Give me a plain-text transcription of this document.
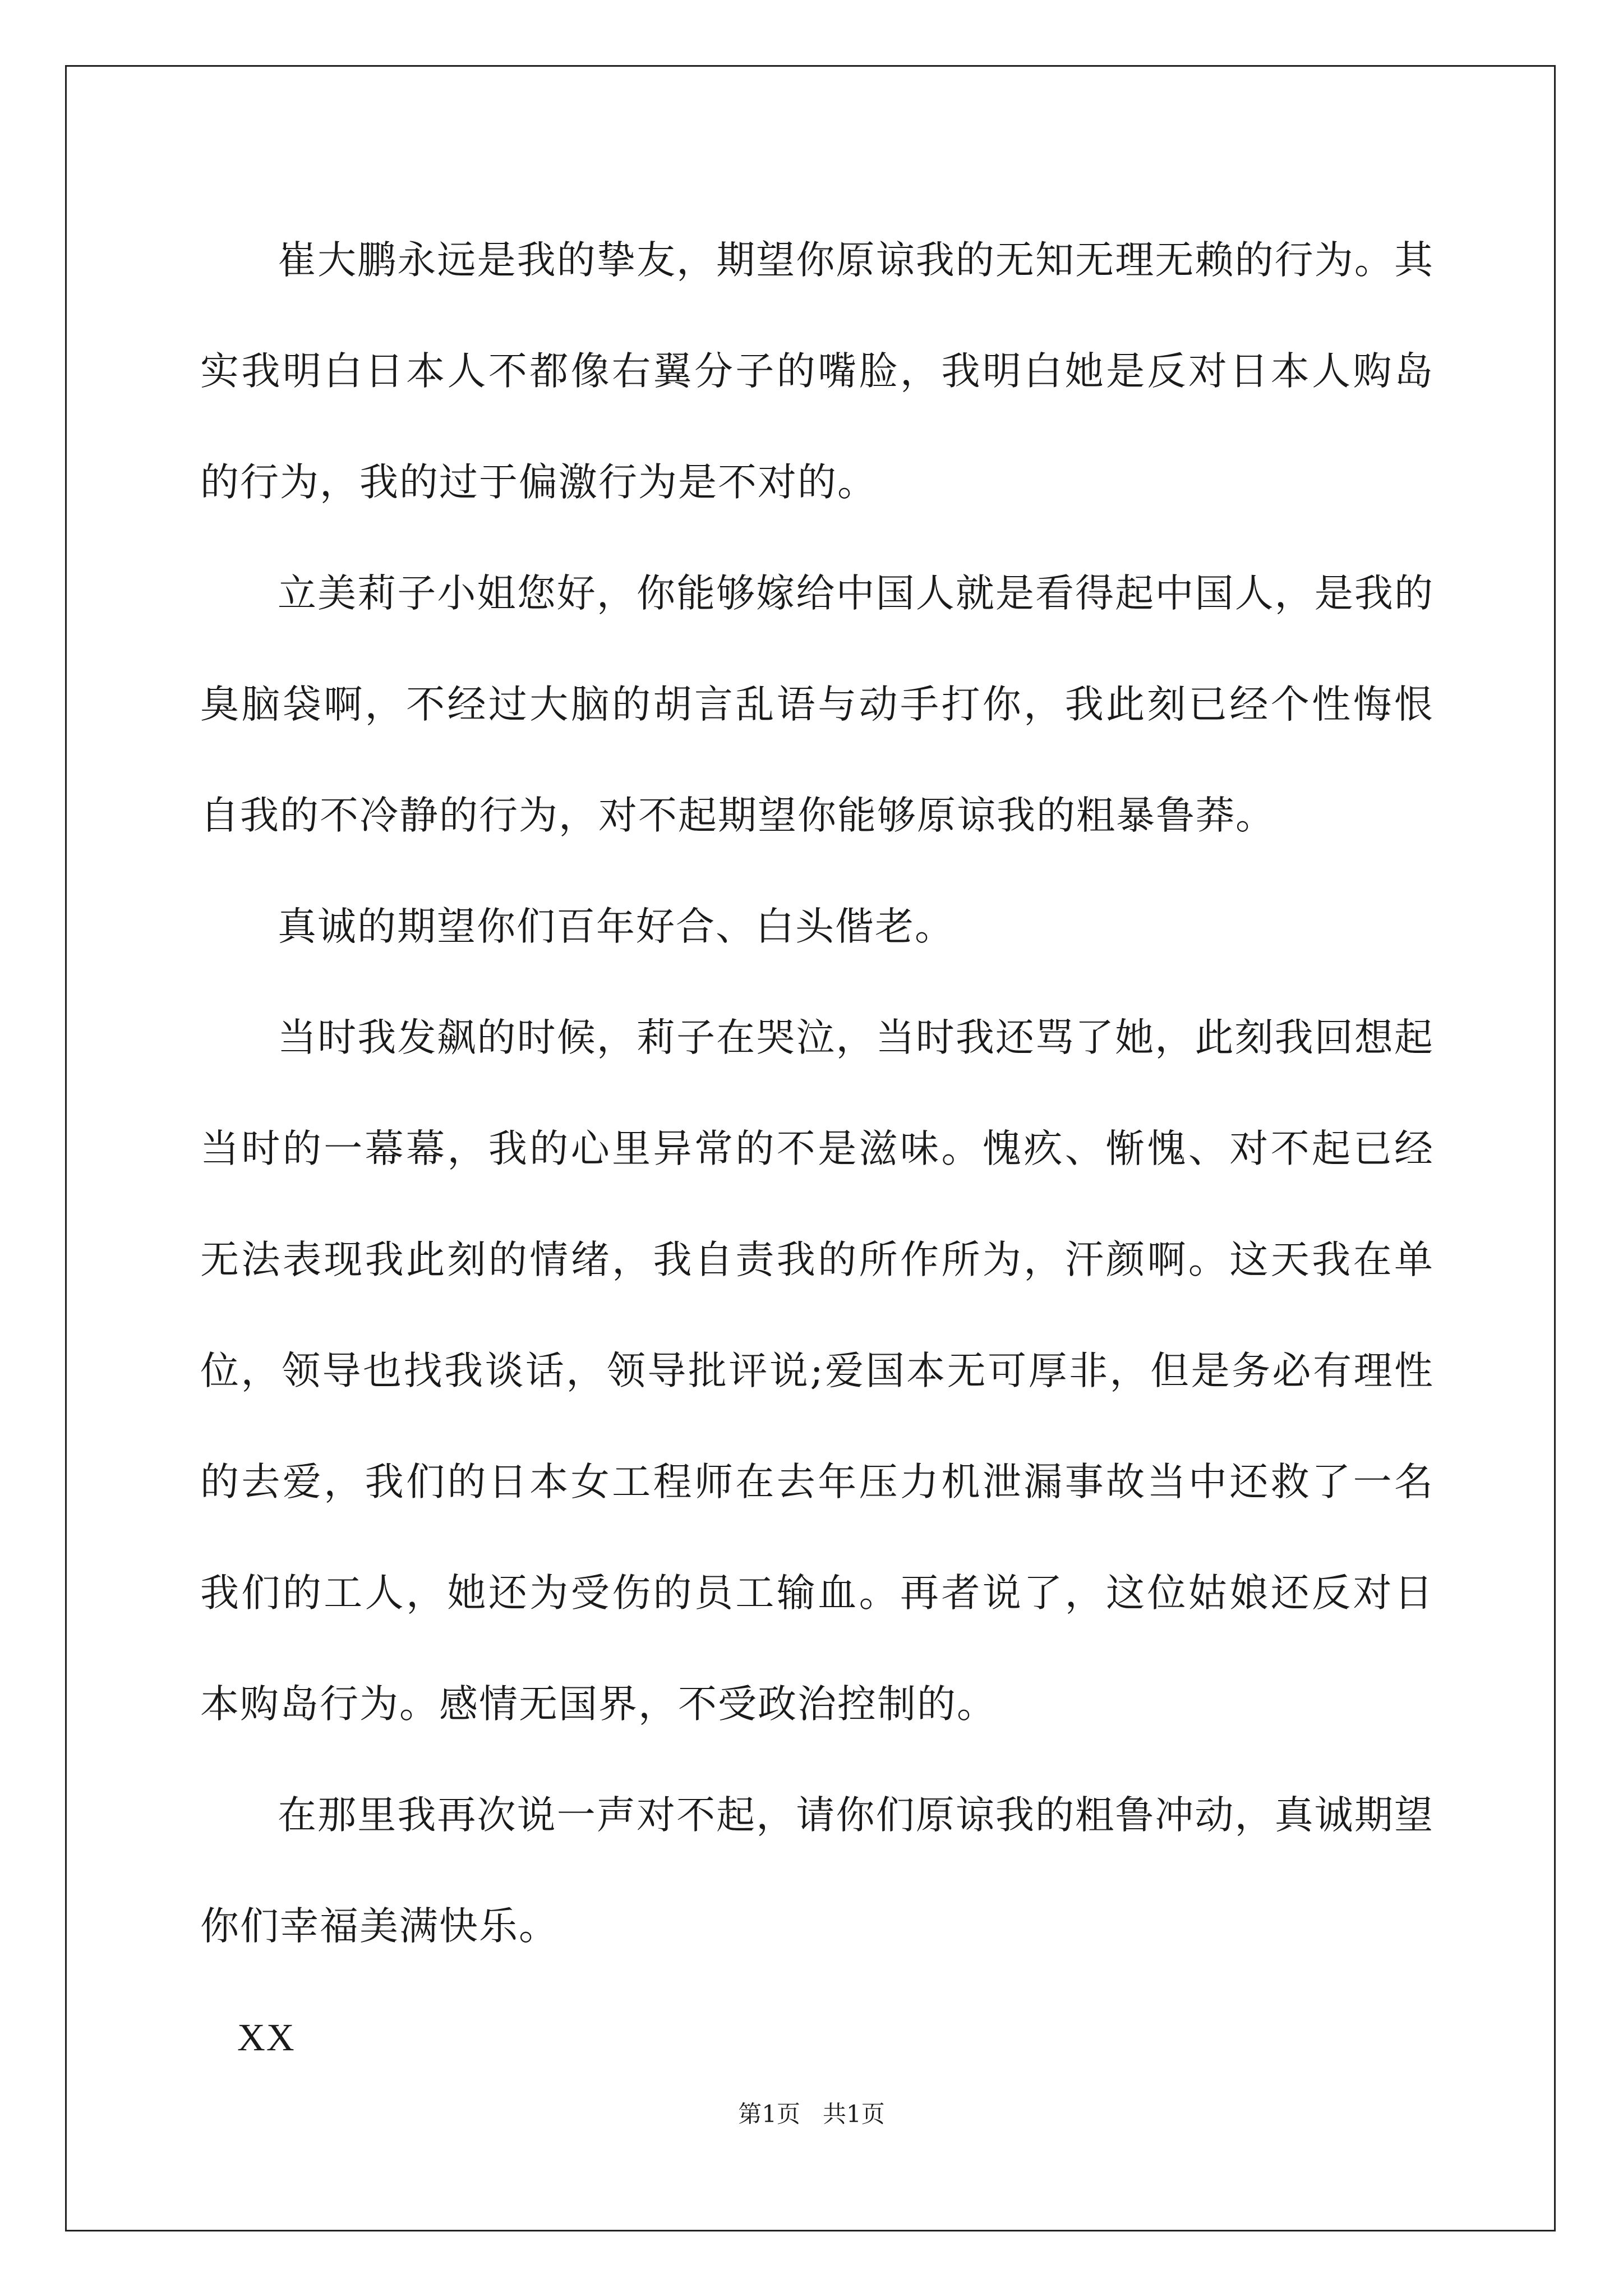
崔大鹏永远是我的挚友，期望你原谅我的无知无理无赖的行为。其实我明白日本人不都像右翼分子的嘴脸，我明白她是反对日本人购岛的行为，我的过于偏激行为是不对的。

立美莉子小姐您好，你能够嫁给中国人就是看得起中国人，是我的臭脑袋啊，不经过大脑的胡言乱语与动手打你，我此刻已经个性悔恨自我的不冷静的行为，对不起期望你能够原谅我的粗暴鲁莽。

真诚的期望你们百年好合、白头偕老。

当时我发飙的时候，莉子在哭泣，当时我还骂了她，此刻我回想起当时的一幕幕，我的心里异常的不是滋味。愧疚、惭愧、对不起已经无法表现我此刻的情绪，我自责我的所作所为，汗颜啊。这天我在单位，领导也找我谈话，领导批评说;爱国本无可厚非，但是务必有理性的去爱，我们的日本女工程师在去年压力机泄漏事故当中还救了一名我们的工人，她还为受伤的员工输血。再者说了，这位姑娘还反对日本购岛行为。感情无国界，不受政治控制的。

在那里我再次说一声对不起，请你们原谅我的粗鲁冲动，真诚期望你们幸福美满快乐。

XX

第1页   共1页
